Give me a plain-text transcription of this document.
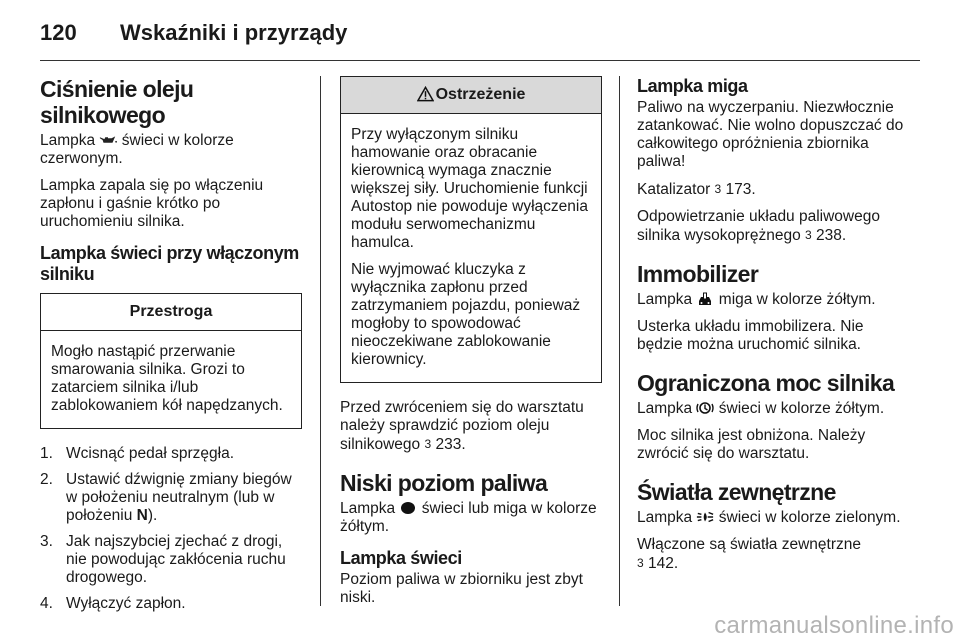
120 Wskaźniki i przyrządy
Ciśnienie oleju silnikowego

Lampka świeci w kolorze czerwonym.

Lampka zapala się po włączeniu zapłonu i gaśnie krótko po uruchomieniu silnika.

Lampka świeci przy włączonym silniku
Przestroga

Mogło nastąpić przerwanie smarowania silnika. Grozi to zatarciem silnika i/lub zablokowaniem kół napędzanych.

1. Wcisnąć pedał sprzęgła.
2. Ustawić dźwignię zmiany biegów w położeniu neutralnym (lub w położeniu N).
3. Jak najszybciej zjechać z drogi, nie powodując zakłócenia ruchu drogowego.
4. Wyłączyć zapłon.
Ostrzeżenie

Przy wyłączonym silniku hamowanie oraz obracanie kierownicą wymaga znacznie większej siły. Uruchomienie funkcji Autostop nie powoduje wyłączenia modułu serwomechanizmu hamulca.

Nie wyjmować kluczyka z wyłącznika zapłonu przed zatrzymaniem pojazdu, ponieważ mogłoby to spowodować nieoczekiwane zablokowanie kierownicy.

Przed zwróceniem się do warsztatu należy sprawdzić poziom oleju silnikowego 3 233.

Niski poziom paliwa

Lampka świeci lub miga w kolorze żółtym.

Lampka świeci

Poziom paliwa w zbiorniku jest zbyt niski.

Lampka miga

Paliwo na wyczerpaniu. Niezwłocznie zatankować. Nie wolno dopuszczać do całkowitego opróżnienia zbiornika paliwa!

Katalizator 3 173.

Odpowietrzanie układu paliwowego silnika wysokoprężnego 3 238.

Immobilizer

Lampka miga w kolorze żółtym.

Usterka układu immobilizera. Nie będzie można uruchomić silnika.

Ograniczona moc silnika

Lampka świeci w kolorze żółtym.

Moc silnika jest obniżona. Należy zwrócić się do warsztatu.

Światła zewnętrzne

Lampka świeci w kolorze zielonym.

Włączone są światła zewnętrzne
3 142.

carmanualsonline.info
